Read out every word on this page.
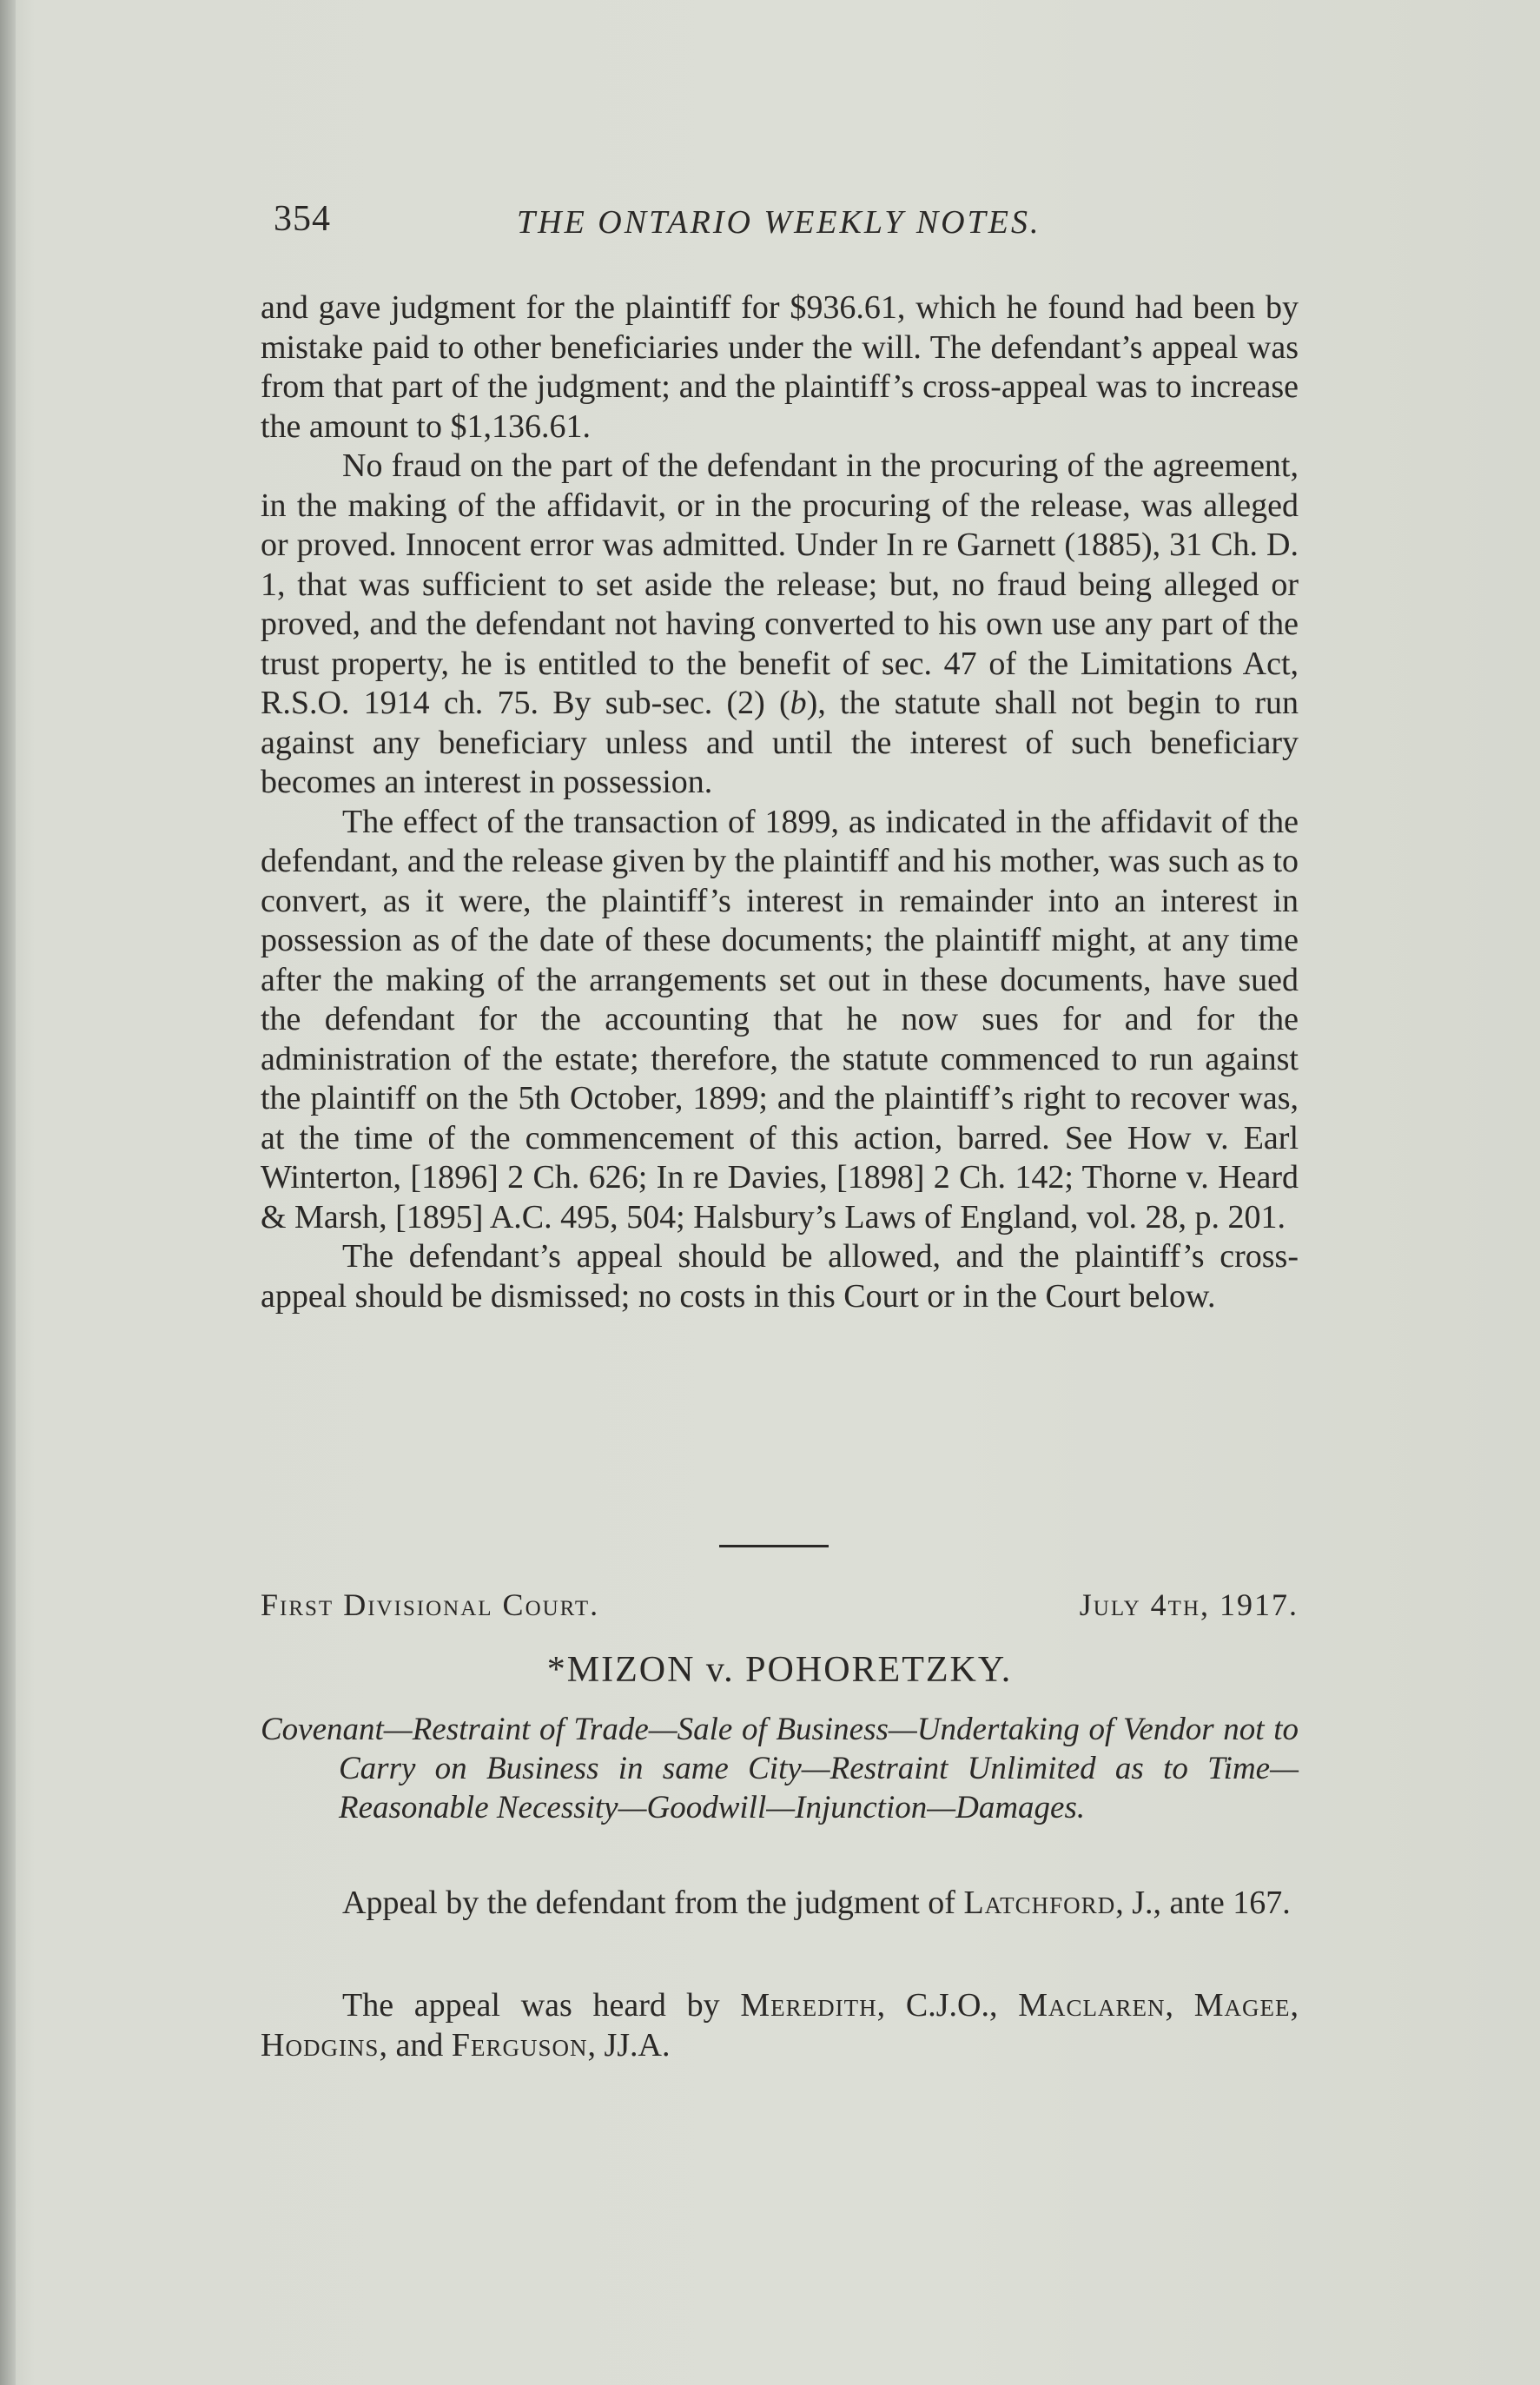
354	THE ONTARIO WEEKLY NOTES.

and gave judgment for the plaintiff for $936.61, which he found had been by mistake paid to other beneficiaries under the will. The defendant’s appeal was from that part of the judgment; and the plaintiff’s cross-appeal was to increase the amount to $1,136.61.

No fraud on the part of the defendant in the procuring of the agreement, in the making of the affidavit, or in the procuring of the release, was alleged or proved. Innocent error was admitted. Under In re Garnett (1885), 31 Ch. D. 1, that was sufficient to set aside the release; but, no fraud being alleged or proved, and the defendant not having converted to his own use any part of the trust property, he is entitled to the benefit of sec. 47 of the Limitations Act, R.S.O. 1914 ch. 75. By sub-sec. (2) (b), the statute shall not begin to run against any beneficiary unless and until the interest of such beneficiary becomes an interest in possession.

The effect of the transaction of 1899, as indicated in the affidavit of the defendant, and the release given by the plaintiff and his mother, was such as to convert, as it were, the plaintiff’s interest in remainder into an interest in possession as of the date of these documents; the plaintiff might, at any time after the making of the arrangements set out in these documents, have sued the defendant for the accounting that he now sues for and for the administration of the estate; therefore, the statute commenced to run against the plaintiff on the 5th October, 1899; and the plaintiff’s right to recover was, at the time of the commencement of this action, barred. See How v. Earl Winterton, [1896] 2 Ch. 626; In re Davies, [1898] 2 Ch. 142; Thorne v. Heard & Marsh, [1895] A.C. 495, 504; Halsbury’s Laws of England, vol. 28, p. 201.

The defendant’s appeal should be allowed, and the plaintiff’s cross-appeal should be dismissed; no costs in this Court or in the Court below.

First Divisional Court.	July 4th, 1917.
*MIZON v. POHORETZKY.
Covenant—Restraint of Trade—Sale of Business—Undertaking of Vendor not to Carry on Business in same City—Restraint Unlimited as to Time—Reasonable Necessity—Goodwill—Injunction—Damages.

Appeal by the defendant from the judgment of Latchford, J., ante 167.

The appeal was heard by Meredith, C.J.O., Maclaren, Magee, Hodgins, and Ferguson, JJ.A.
